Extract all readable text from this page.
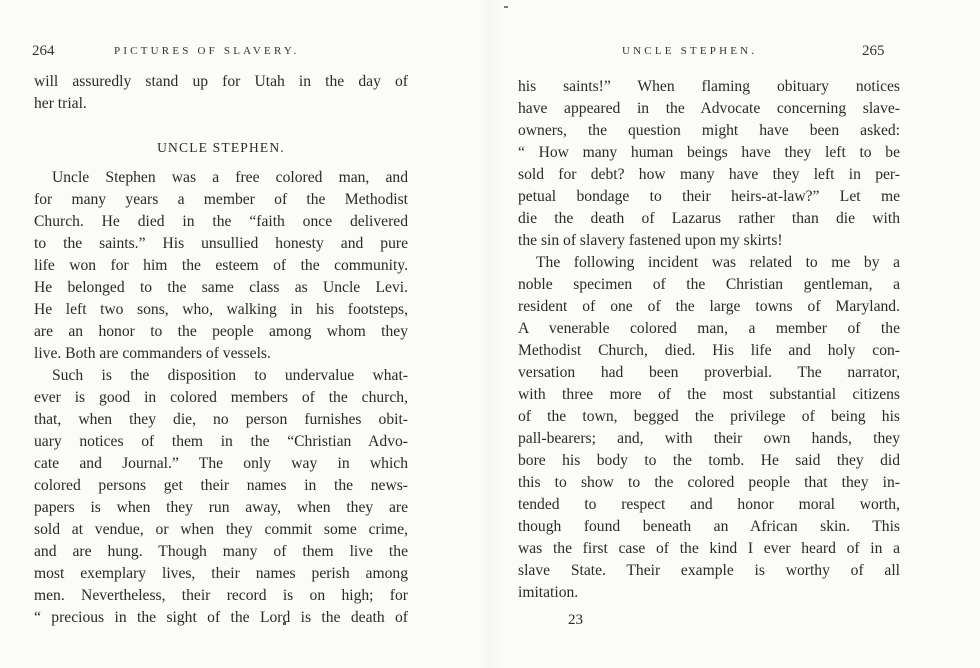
264	PICTURES OF SLAVERY.
will assuredly stand up for Utah in the day of
her trial.
UNCLE STEPHEN.
Uncle Stephen was a free colored man, and
for many years a member of the Methodist
Church. He died in the “faith once delivered
to the saints.” His unsullied honesty and pure
life won for him the esteem of the community.
He belonged to the same class as Uncle Levi.
He left two sons, who, walking in his footsteps,
are an honor to the people among whom they
live. Both are commanders of vessels.
Such is the disposition to undervalue what-
ever is good in colored members of the church,
that, when they die, no person furnishes obit-
uary notices of them in the “Christian Advo-
cate and Journal.” The only way in which
colored persons get their names in the news-
papers is when they run away, when they are
sold at vendue, or when they commit some crime,
and are hung. Though many of them live the
most exemplary lives, their names perish among
men. Nevertheless, their record is on high; for
“ precious in the sight of the Lord is the death of
UNCLE STEPHEN.	265
his saints!” When flaming obituary notices
have appeared in the Advocate concerning slave-
owners, the question might have been asked:
“ How many human beings have they left to be
sold for debt? how many have they left in per-
petual bondage to their heirs-at-law?” Let me
die the death of Lazarus rather than die with
the sin of slavery fastened upon my skirts!
The following incident was related to me by a
noble specimen of the Christian gentleman, a
resident of one of the large towns of Maryland.
A venerable colored man, a member of the
Methodist Church, died. His life and holy con-
versation had been proverbial. The narrator,
with three more of the most substantial citizens
of the town, begged the privilege of being his
pall-bearers; and, with their own hands, they
bore his body to the tomb. He said they did
this to show to the colored people that they in-
tended to respect and honor moral worth,
though found beneath an African skin. This
was the first case of the kind I ever heard of in a
slave State. Their example is worthy of all
imitation.
23
